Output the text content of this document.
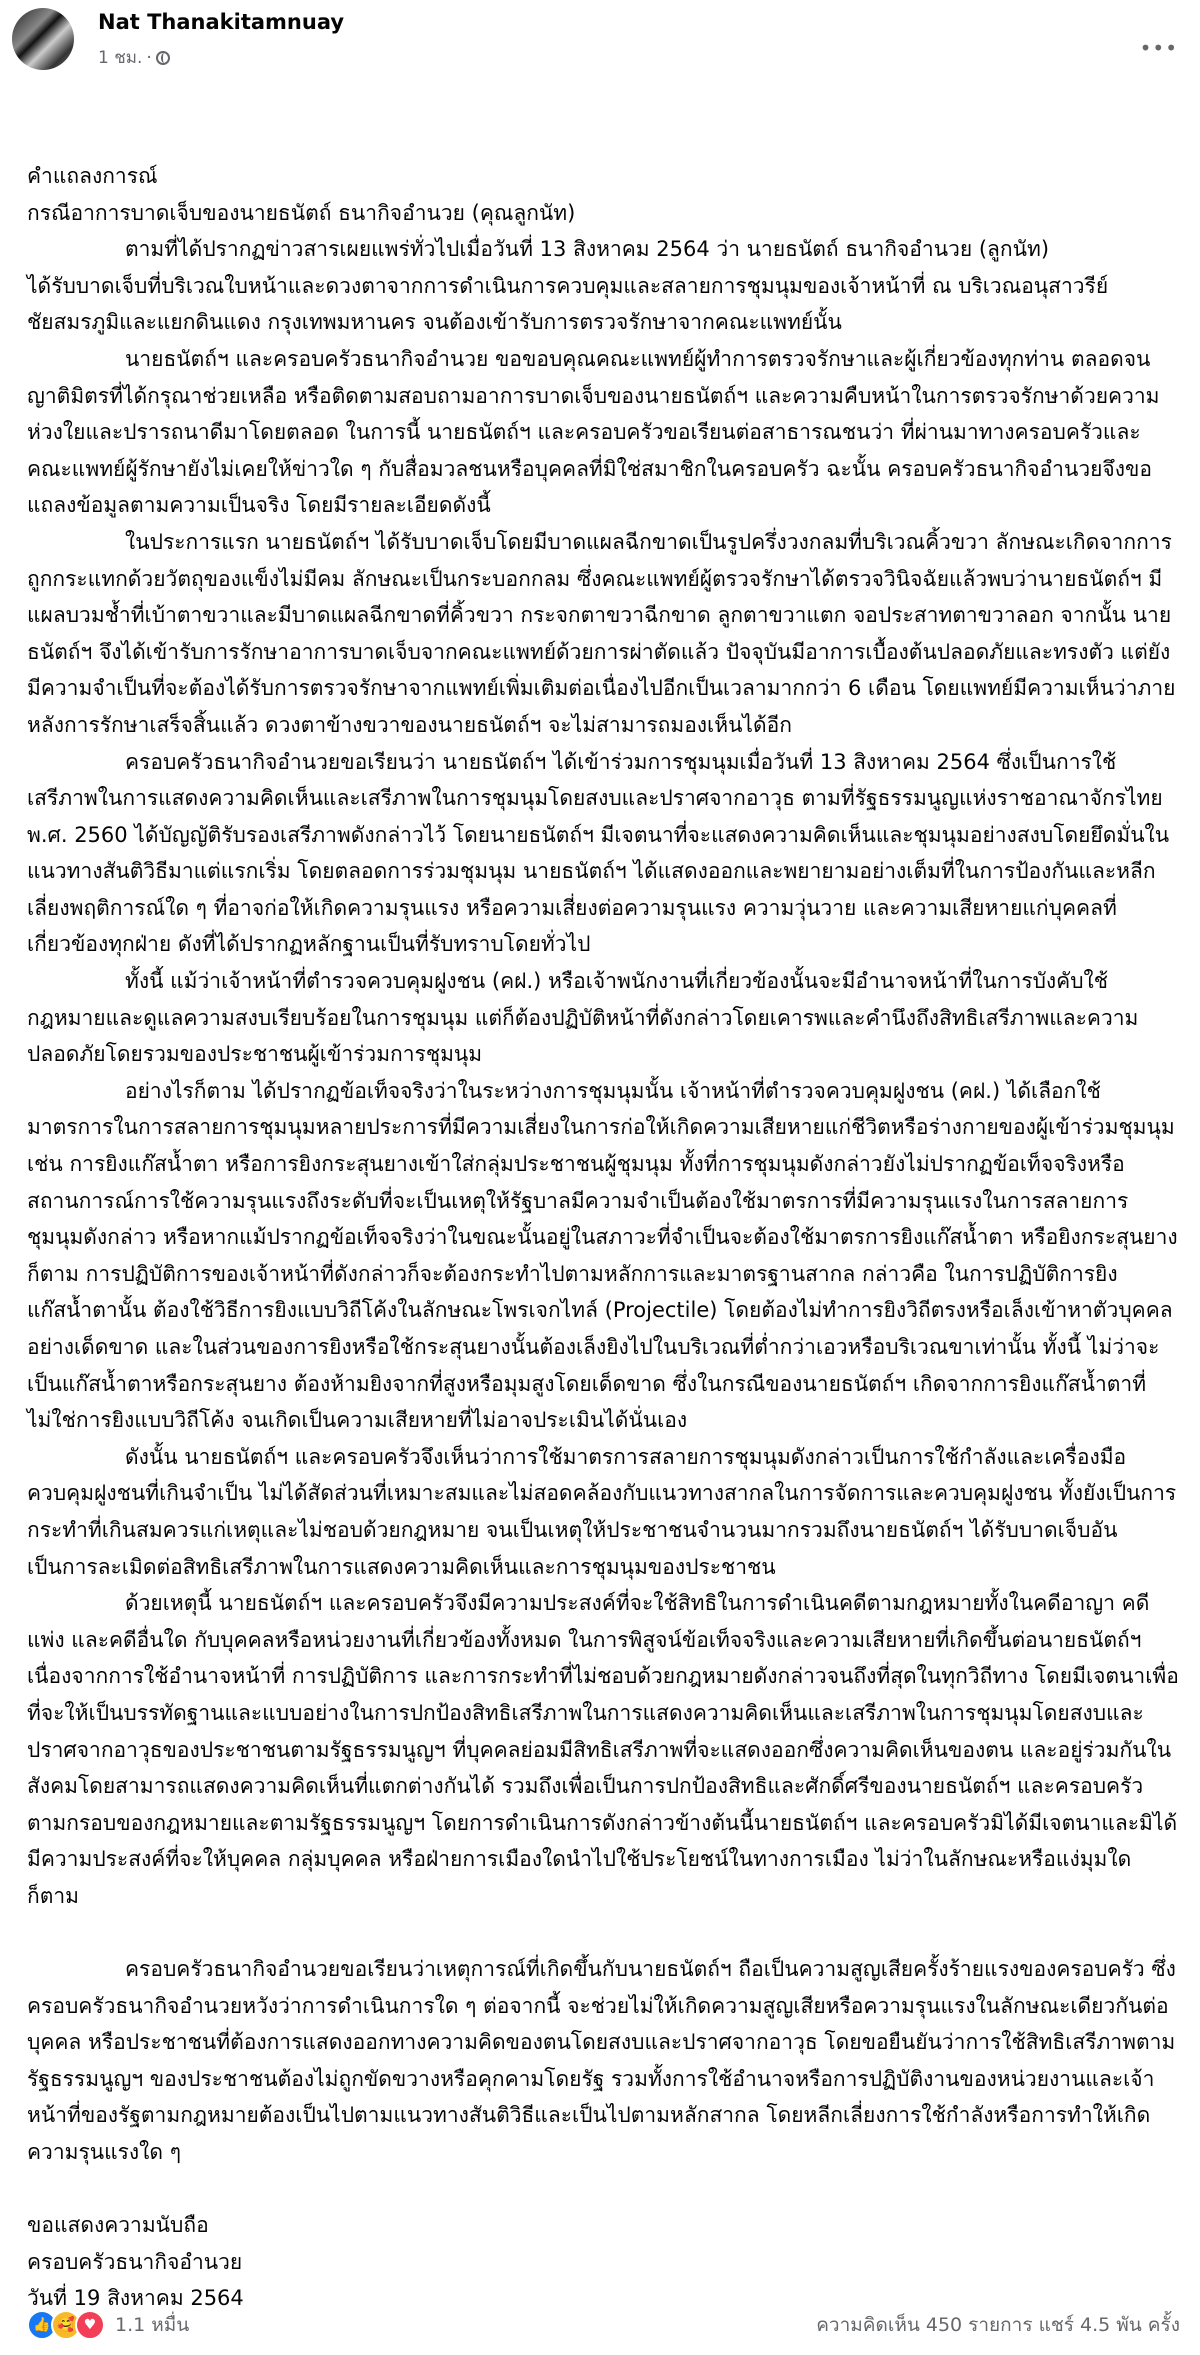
Nat Thanakitamnuay
1 ชม. ·	•••

คำแถลงการณ์

กรณีอาการบาดเจ็บของนายธนัตถ์ ธนากิจอำนวย (คุณลูกนัท)

ตามที่ได้ปรากฏข่าวสารเผยแพร่ทั่วไปเมื่อวันที่ 13 สิงหาคม 2564 ว่า นายธนัตถ์ ธนากิจอำนวย (ลูกนัท)

ได้รับบาดเจ็บที่บริเวณใบหน้าและดวงตาจากการดำเนินการควบคุมและสลายการชุมนุมของเจ้าหน้าที่ ณ บริเวณอนุสาวรีย์ชัยสมรภูมิและแยกดินแดง กรุงเทพมหานคร จนต้องเข้ารับการตรวจรักษาจากคณะแพทย์นั้น

นายธนัตถ์ฯ และครอบครัวธนากิจอำนวย ขอขอบคุณคณะแพทย์ผู้ทำการตรวจรักษาและผู้เกี่ยวข้องทุกท่าน ตลอดจนญาติมิตรที่ได้กรุณาช่วยเหลือ หรือติดตามสอบถามอาการบาดเจ็บของนายธนัตถ์ฯ และความคืบหน้าในการตรวจรักษาด้วยความห่วงใยและปรารถนาดีมาโดยตลอด ในการนี้ นายธนัตถ์ฯ และครอบครัวขอเรียนต่อสาธารณชนว่า ที่ผ่านมาทางครอบครัวและคณะแพทย์ผู้รักษายังไม่เคยให้ข่าวใด ๆ กับสื่อมวลชนหรือบุคคลที่มิใช่สมาชิกในครอบครัว ฉะนั้น ครอบครัวธนากิจอำนวยจึงขอแถลงข้อมูลตามความเป็นจริง โดยมีรายละเอียดดังนี้

ในประการแรก นายธนัตถ์ฯ ได้รับบาดเจ็บโดยมีบาดแผลฉีกขาดเป็นรูปครึ่งวงกลมที่บริเวณคิ้วขวา ลักษณะเกิดจากการถูกกระแทกด้วยวัตถุของแข็งไม่มีคม ลักษณะเป็นกระบอกกลม ซึ่งคณะแพทย์ผู้ตรวจรักษาได้ตรวจวินิจฉัยแล้วพบว่านายธนัตถ์ฯ มีแผลบวมช้ำที่เบ้าตาขวาและมีบาดแผลฉีกขาดที่คิ้วขวา กระจกตาขวาฉีกขาด ลูกตาขวาแตก จอประสาทตาขวาลอก จากนั้น นายธนัตถ์ฯ จึงได้เข้ารับการรักษาอาการบาดเจ็บจากคณะแพทย์ด้วยการผ่าตัดแล้ว ปัจจุบันมีอาการเบื้องต้นปลอดภัยและทรงตัว แต่ยังมีความจำเป็นที่จะต้องได้รับการตรวจรักษาจากแพทย์เพิ่มเติมต่อเนื่องไปอีกเป็นเวลามากกว่า 6 เดือน โดยแพทย์มีความเห็นว่าภายหลังการรักษาเสร็จสิ้นแล้ว ดวงตาข้างขวาของนายธนัตถ์ฯ จะไม่สามารถมองเห็นได้อีก

ครอบครัวธนากิจอำนวยขอเรียนว่า นายธนัตถ์ฯ ได้เข้าร่วมการชุมนุมเมื่อวันที่ 13 สิงหาคม 2564 ซึ่งเป็นการใช้เสรีภาพในการแสดงความคิดเห็นและเสรีภาพในการชุมนุมโดยสงบและปราศจากอาวุธ ตามที่รัฐธรรมนูญแห่งราชอาณาจักรไทย พ.ศ. 2560 ได้บัญญัติรับรองเสรีภาพดังกล่าวไว้ โดยนายธนัตถ์ฯ มีเจตนาที่จะแสดงความคิดเห็นและชุมนุมอย่างสงบโดยยึดมั่นในแนวทางสันติวิธีมาแต่แรกเริ่ม โดยตลอดการร่วมชุมนุม นายธนัตถ์ฯ ได้แสดงออกและพยายามอย่างเต็มที่ในการป้องกันและหลีกเลี่ยงพฤติการณ์ใด ๆ ที่อาจก่อให้เกิดความรุนแรง หรือความเสี่ยงต่อความรุนแรง ความวุ่นวาย และความเสียหายแก่บุคคลที่เกี่ยวข้องทุกฝ่าย ดังที่ได้ปรากฏหลักฐานเป็นที่รับทราบโดยทั่วไป

ทั้งนี้ แม้ว่าเจ้าหน้าที่ตำรวจควบคุมฝูงชน (คฝ.) หรือเจ้าพนักงานที่เกี่ยวข้องนั้นจะมีอำนาจหน้าที่ในการบังคับใช้กฎหมายและดูแลความสงบเรียบร้อยในการชุมนุม แต่ก็ต้องปฏิบัติหน้าที่ดังกล่าวโดยเคารพและคำนึงถึงสิทธิเสรีภาพและความปลอดภัยโดยรวมของประชาชนผู้เข้าร่วมการชุมนุม

อย่างไรก็ตาม ได้ปรากฏข้อเท็จจริงว่าในระหว่างการชุมนุมนั้น เจ้าหน้าที่ตำรวจควบคุมฝูงชน (คฝ.) ได้เลือกใช้มาตรการในการสลายการชุมนุมหลายประการที่มีความเสี่ยงในการก่อให้เกิดความเสียหายแก่ชีวิตหรือร่างกายของผู้เข้าร่วมชุมนุม เช่น การยิงแก๊สน้ำตา หรือการยิงกระสุนยางเข้าใส่กลุ่มประชาชนผู้ชุมนุม ทั้งที่การชุมนุมดังกล่าวยังไม่ปรากฏข้อเท็จจริงหรือสถานการณ์การใช้ความรุนแรงถึงระดับที่จะเป็นเหตุให้รัฐบาลมีความจำเป็นต้องใช้มาตรการที่มีความรุนแรงในการสลายการชุมนุมดังกล่าว หรือหากแม้ปรากฏข้อเท็จจริงว่าในขณะนั้นอยู่ในสภาวะที่จำเป็นจะต้องใช้มาตรการยิงแก๊สน้ำตา หรือยิงกระสุนยาง ก็ตาม การปฏิบัติการของเจ้าหน้าที่ดังกล่าวก็จะต้องกระทำไปตามหลักการและมาตรฐานสากล กล่าวคือ ในการปฏิบัติการยิงแก๊สน้ำตานั้น ต้องใช้วิธีการยิงแบบวิถีโค้งในลักษณะโพรเจกไทล์ (Projectile) โดยต้องไม่ทำการยิงวิถีตรงหรือเล็งเข้าหาตัวบุคคลอย่างเด็ดขาด และในส่วนของการยิงหรือใช้กระสุนยางนั้นต้องเล็งยิงไปในบริเวณที่ต่ำกว่าเอวหรือบริเวณขาเท่านั้น ทั้งนี้ ไม่ว่าจะเป็นแก๊สน้ำตาหรือกระสุนยาง ต้องห้ามยิงจากที่สูงหรือมุมสูงโดยเด็ดขาด ซึ่งในกรณีของนายธนัตถ์ฯ เกิดจากการยิงแก๊สน้ำตาที่ไม่ใช่การยิงแบบวิถีโค้ง จนเกิดเป็นความเสียหายที่ไม่อาจประเมินได้นั่นเอง

ดังนั้น นายธนัตถ์ฯ และครอบครัวจึงเห็นว่าการใช้มาตรการสลายการชุมนุมดังกล่าวเป็นการใช้กำลังและเครื่องมือควบคุมฝูงชนที่เกินจำเป็น ไม่ได้สัดส่วนที่เหมาะสมและไม่สอดคล้องกับแนวทางสากลในการจัดการและควบคุมฝูงชน ทั้งยังเป็นการกระทำที่เกินสมควรแก่เหตุและไม่ชอบด้วยกฎหมาย จนเป็นเหตุให้ประชาชนจำนวนมากรวมถึงนายธนัตถ์ฯ ได้รับบาดเจ็บอันเป็นการละเมิดต่อสิทธิเสรีภาพในการแสดงความคิดเห็นและการชุมนุมของประชาชน

ด้วยเหตุนี้ นายธนัตถ์ฯ และครอบครัวจึงมีความประสงค์ที่จะใช้สิทธิในการดำเนินคดีตามกฎหมายทั้งในคดีอาญา คดีแพ่ง และคดีอื่นใด กับบุคคลหรือหน่วยงานที่เกี่ยวข้องทั้งหมด ในการพิสูจน์ข้อเท็จจริงและความเสียหายที่เกิดขึ้นต่อนายธนัตถ์ฯ เนื่องจากการใช้อำนาจหน้าที่ การปฏิบัติการ และการกระทำที่ไม่ชอบด้วยกฎหมายดังกล่าวจนถึงที่สุดในทุกวิถีทาง โดยมีเจตนาเพื่อที่จะให้เป็นบรรทัดฐานและแบบอย่างในการปกป้องสิทธิเสรีภาพในการแสดงความคิดเห็นและเสรีภาพในการชุมนุมโดยสงบและปราศจากอาวุธของประชาชนตามรัฐธรรมนูญฯ ที่บุคคลย่อมมีสิทธิเสรีภาพที่จะแสดงออกซึ่งความคิดเห็นของตน และอยู่ร่วมกันในสังคมโดยสามารถแสดงความคิดเห็นที่แตกต่างกันได้ รวมถึงเพื่อเป็นการปกป้องสิทธิและศักดิ์ศรีของนายธนัตถ์ฯ และครอบครัวตามกรอบของกฎหมายและตามรัฐธรรมนูญฯ โดยการดำเนินการดังกล่าวข้างต้นนี้นายธนัตถ์ฯ และครอบครัวมิได้มีเจตนาและมิได้มีความประสงค์ที่จะให้บุคคล กลุ่มบุคคล หรือฝ่ายการเมืองใดนำไปใช้ประโยชน์ในทางการเมือง ไม่ว่าในลักษณะหรือแง่มุมใดก็ตาม

ครอบครัวธนากิจอำนวยขอเรียนว่าเหตุการณ์ที่เกิดขึ้นกับนายธนัตถ์ฯ ถือเป็นความสูญเสียครั้งร้ายแรงของครอบครัว ซึ่งครอบครัวธนากิจอำนวยหวังว่าการดำเนินการใด ๆ ต่อจากนี้ จะช่วยไม่ให้เกิดความสูญเสียหรือความรุนแรงในลักษณะเดียวกันต่อบุคคล หรือประชาชนที่ต้องการแสดงออกทางความคิดของตนโดยสงบและปราศจากอาวุธ โดยขอยืนยันว่าการใช้สิทธิเสรีภาพตามรัฐธรรมนูญฯ ของประชาชนต้องไม่ถูกขัดขวางหรือคุกคามโดยรัฐ รวมทั้งการใช้อำนาจหรือการปฏิบัติงานของหน่วยงานและเจ้าหน้าที่ของรัฐตามกฎหมายต้องเป็นไปตามแนวทางสันติวิธีและเป็นไปตามหลักสากล โดยหลีกเลี่ยงการใช้กำลังหรือการทำให้เกิดความรุนแรงใด ๆ

ขอแสดงความนับถือ

ครอบครัวธนากิจอำนวย

วันที่ 19 สิงหาคม 2564

👍 🥰 ♥ 1.1 หมื่น	ความคิดเห็น 450 รายการ แชร์ 4.5 พัน ครั้ง
